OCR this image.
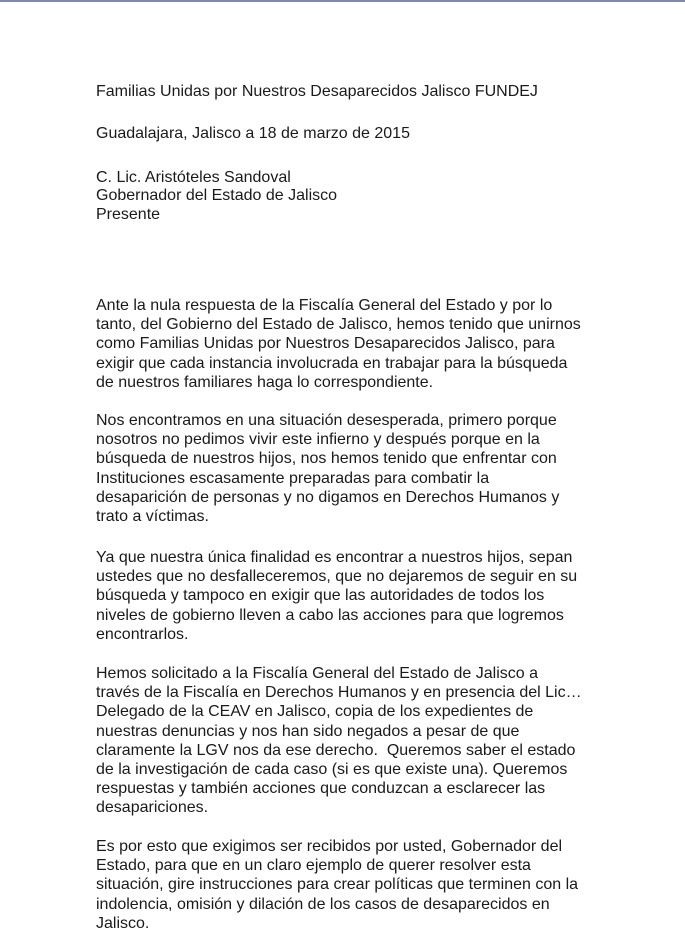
Familias Unidas por Nuestros Desaparecidos Jalisco FUNDEJ

Guadalajara, Jalisco a 18 de marzo de 2015

C. Lic. Aristóteles Sandoval

Gobernador del Estado de Jalisco

Presente

Ante la nula respuesta de la Fiscalía General del Estado y por lo
tanto, del Gobierno del Estado de Jalisco, hemos tenido que unirnos
como Familias Unidas por Nuestros Desaparecidos Jalisco, para
exigir que cada instancia involucrada en trabajar para la búsqueda
de nuestros familiares haga lo correspondiente.
Nos encontramos en una situación desesperada, primero porque
nosotros no pedimos vivir este infierno y después porque en la
búsqueda de nuestros hijos, nos hemos tenido que enfrentar con
Instituciones escasamente preparadas para combatir la
desaparición de personas y no digamos en Derechos Humanos y
trato a víctimas.
Ya que nuestra única finalidad es encontrar a nuestros hijos, sepan
ustedes que no desfalleceremos, que no dejaremos de seguir en su
búsqueda y tampoco en exigir que las autoridades de todos los
niveles de gobierno lleven a cabo las acciones para que logremos
encontrarlos.
Hemos solicitado a la Fiscalía General del Estado de Jalisco a
través de la Fiscalía en Derechos Humanos y en presencia del Lic…
Delegado de la CEAV en Jalisco, copia de los expedientes de
nuestras denuncias y nos han sido negados a pesar de que
claramente la LGV nos da ese derecho.  Queremos saber el estado
de la investigación de cada caso (si es que existe una). Queremos
respuestas y también acciones que conduzcan a esclarecer las
desapariciones.
Es por esto que exigimos ser recibidos por usted, Gobernador del
Estado, para que en un claro ejemplo de querer resolver esta
situación, gire instrucciones para crear políticas que terminen con la
indolencia, omisión y dilación de los casos de desaparecidos en
Jalisco.
